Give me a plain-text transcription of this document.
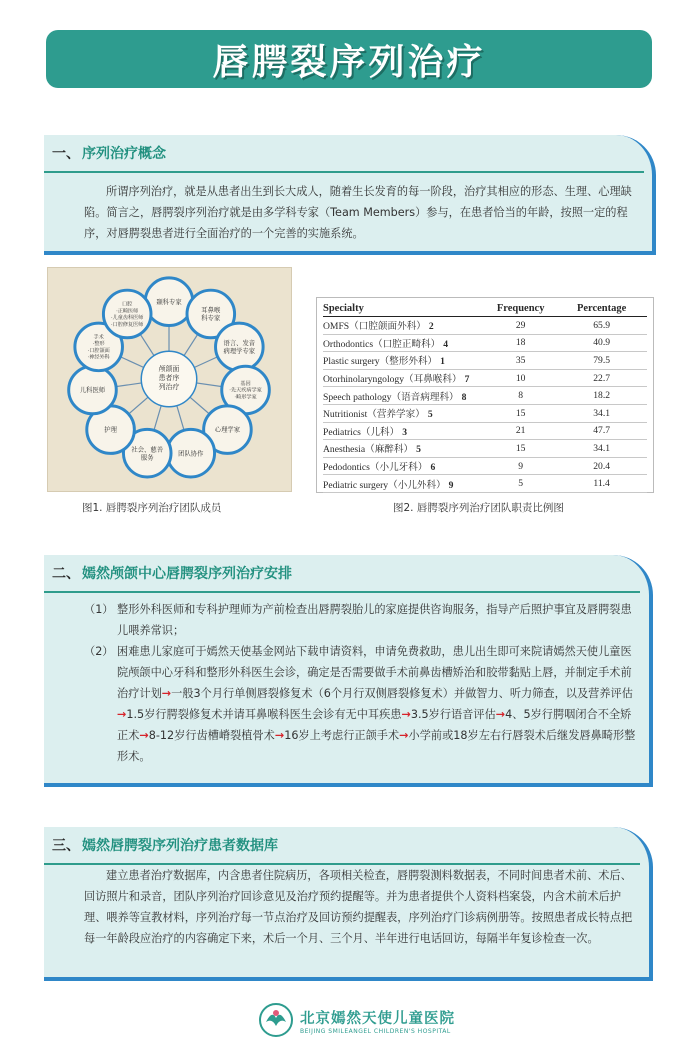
唇腭裂序列治疗
一、 序列治疗概念

所谓序列治疗，就是从患者出生到长大成人，随着生长发育的每一阶段，治疗其相应的形态、生理、心理缺陷。简言之，唇腭裂序列治疗就是由多学科专家（Team Members）参与，在患者恰当的年龄，按照一定的程序，对唇腭裂患者进行全面治疗的一个完善的实施系统。

颞科专家
耳鼻喉
科专家
语言、发音
病理学专家
基因
·先天疾病学家
·畸形学家
心理学家
团队协作
社会、慈善
服务
护理
儿科医师
手术
·整形
·口腔颌面
·神经外科
口腔
·正畸医师
·儿童齿科医师
·口腔修复医师
颅颌面
患者序
列治疗
图1. 唇腭裂序列治疗团队成员
Specialty	Frequency	Percentage
OMFS（口腔颌面外科） 2	29	65.9
Orthodontics（口腔正畸科） 4	18	40.9
Plastic surgery（整形外科） 1	35	79.5
Otorhinolaryngology（耳鼻喉科） 7	10	22.7
Speech pathology（语音病理科） 8	8	18.2
Nutritionist（营养学家） 5	15	34.1
Pediatrics（儿科） 3	21	47.7
Anesthesia（麻醉科） 5	15	34.1
Pedodontics（小儿牙科） 6	9	20.4
Pediatric surgery（小儿外科） 9	5	11.4
图2. 唇腭裂序列治疗团队职责比例图
二、 嫣然颅颌中心唇腭裂序列治疗安排
（1） 整形外科医师和专科护理师为产前检查出唇腭裂胎儿的家庭提供咨询服务，指导产后照护事宜及唇腭裂患儿喂养常识；

（2） 困难患儿家庭可于嫣然天使基金网站下载申请资料，申请免费救助，患儿出生即可来院请嫣然天使儿童医院颅颌中心牙科和整形外科医生会诊，确定是否需要做手术前鼻齿槽矫治和胶带黏贴上唇，并制定手术前治疗计划→一般3个月行单侧唇裂修复术（6个月行双侧唇裂修复术）并做智力、听力筛查，以及营养评估→1.5岁行腭裂修复术并请耳鼻喉科医生会诊有无中耳疾患→3.5岁行语音评估→4、5岁行腭咽闭合不全矫正术→8-12岁行齿槽嵴裂植骨术→16岁上考虑行正颌手术→小学前或18岁左右行唇裂术后继发唇鼻畸形整形术。

三、 嫣然唇腭裂序列治疗患者数据库

建立患者治疗数据库，内含患者住院病历，各项相关检查，唇腭裂测料数据表，不同时间患者术前、术后、回访照片和录音，团队序列治疗回诊意见及治疗预约提醒等。并为患者提供个人资料档案袋，内含术前术后护理、喂养等宣教材料，序列治疗每一节点治疗及回访预约提醒表，序列治疗门诊病例册等。按照患者成长特点把每一年龄段应治疗的内容确定下来，术后一个月、三个月、半年进行电话回访，每隔半年复诊检查一次。

北京嫣然天使儿童医院
BEIJING SMILEANGEL CHILDREN'S HOSPITAL
